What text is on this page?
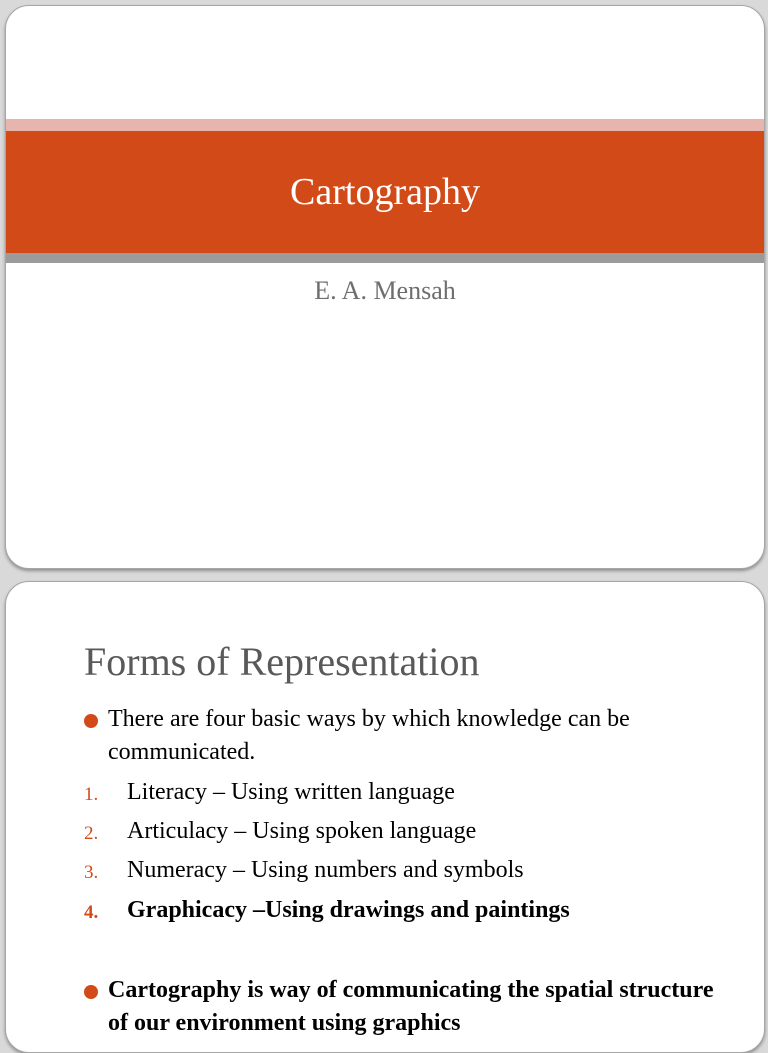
Cartography
E. A. Mensah
Forms of Representation
There are four basic ways by which knowledge can be communicated.
1. Literacy – Using written language
2. Articulacy – Using spoken language
3. Numeracy – Using numbers and symbols
4. Graphicacy –Using drawings and paintings
Cartography is way of communicating the spatial structure of our environment using graphics
